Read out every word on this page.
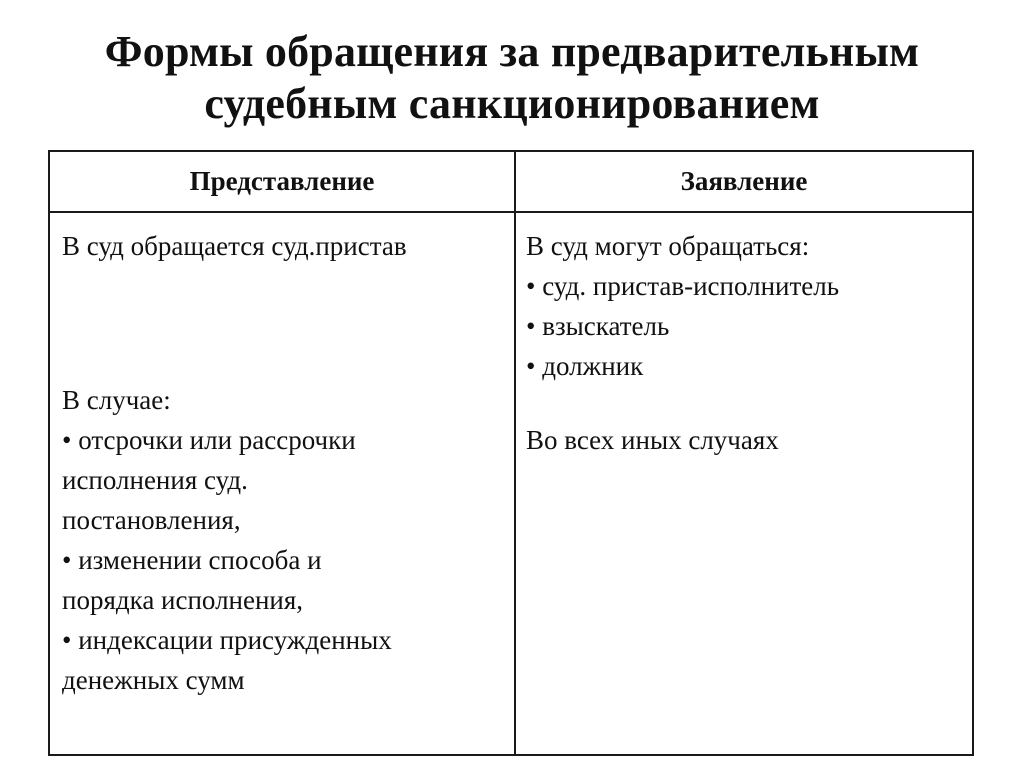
Формы обращения за предварительным
судебным санкционированием
Представление	Заявление
В суд обращается суд.пристав
В случае:
• отсрочки или рассрочки
исполнения суд.
постановления,
• изменении способа и
порядка исполнения,
• индексации присужденных
денежных сумм
В суд могут обращаться:
• суд. пристав-исполнитель
• взыскатель
• должник
Во всех иных случаях
